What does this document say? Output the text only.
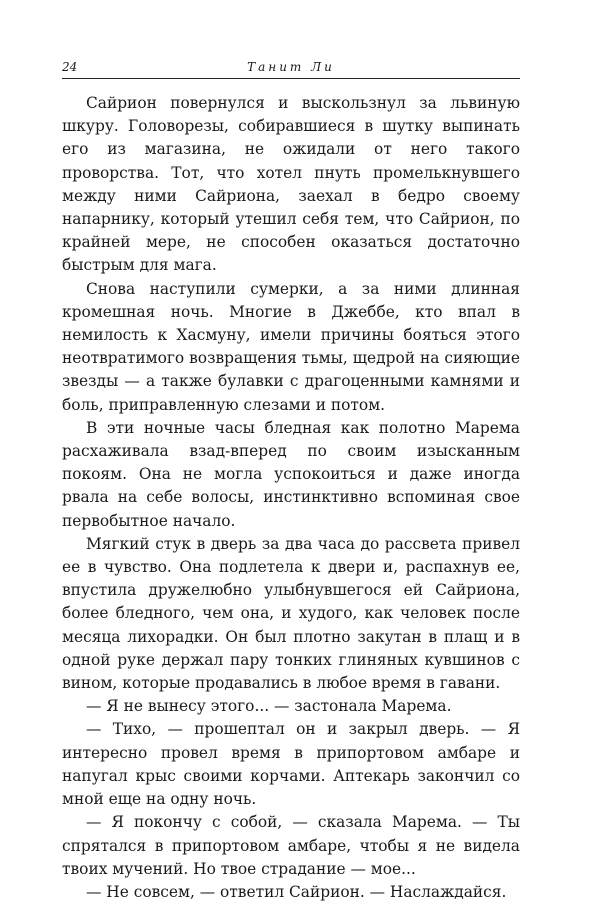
24	Танит Ли

Сайрион повернулся и выскользнул за львиную шкуру. Головорезы, собиравшиеся в шутку выпинать его из магазина, не ожидали от него такого проворства. Тот, что хотел пнуть промелькнувшего между ними Сайриона, заехал в бедро своему напарнику, который утешил себя тем, что Сайрион, по крайней мере, не способен оказаться достаточно быстрым для мага.

Снова наступили сумерки, а за ними длинная кромешная ночь. Многие в Джеббе, кто впал в немилость к Хасмуну, имели причины бояться этого неотвратимого возвращения тьмы, щедрой на сияющие звезды — а также булавки с драгоценными камнями и боль, приправленную слезами и потом.

В эти ночные часы бледная как полотно Марема расхаживала взад-вперед по своим изысканным покоям. Она не могла успокоиться и даже иногда рвала на себе волосы, инстинктивно вспоминая свое первобытное начало.

Мягкий стук в дверь за два часа до рассвета привел ее в чувство. Она подлетела к двери и, распахнув ее, впустила дружелюбно улыбнувшегося ей Сайриона, более бледного, чем она, и худого, как человек после месяца лихорадки. Он был плотно закутан в плащ и в одной руке держал пару тонких глиняных кувшинов с вином, которые продавались в любое время в гавани.

— Я не вынесу этого... — застонала Марема.

— Тихо, — прошептал он и закрыл дверь. — Я интересно провел время в припортовом амбаре и напугал крыс своими корчами. Аптекарь закончил со мной еще на одну ночь.

— Я покончу с собой, — сказала Марема. — Ты спрятался в припортовом амбаре, чтобы я не видела твоих мучений. Но твое страдание — мое...

— Не совсем, — ответил Сайрион. — Наслаждайся.
